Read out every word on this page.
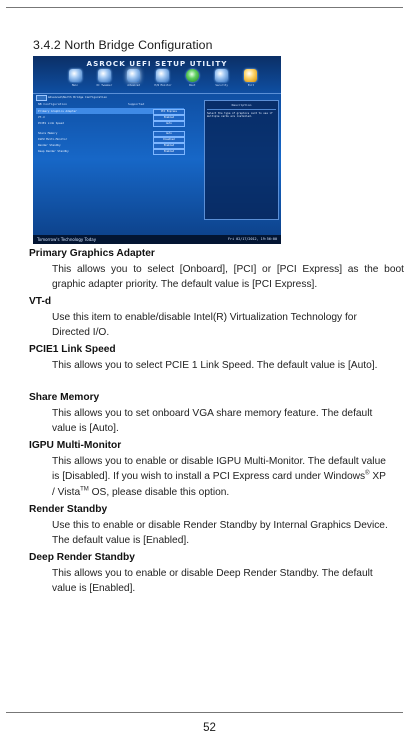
3.4.2 North Bridge Configuration
ASROCK UEFI SETUP UTILITY
Main	OC Tweaker	Advanced	H/W Monitor	Boot	Security	Exit
Advanced\North Bridge Configuration
NB Configuration	Supported
Primary Graphics Adapter	PCI Express
VT-d	Enabled
PCIE1 Link Speed	Auto
Share Memory	Auto
IGPU Multi-Monitor	Disabled
Render Standby	Enabled
Deep Render Standby	Enabled
Description
Select the type of graphics card to use if multiple cards are installed.
Tomorrow's Technology Today	Fri 02/17/2012, 19:56:00
Primary Graphics Adapter
This allows you to select [Onboard], [PCI] or [PCI Express] as the boot
graphic adapter priority. The default value is [PCI Express].
VT-d
Use this item to enable/disable Intel(R) Virtualization Technology for
Directed I/O.
PCIE1 Link Speed
This allows you to select PCIE 1 Link Speed. The default value is [Auto].
Share Memory
This allows you to set onboard VGA share memory feature. The default
value is [Auto].
IGPU Multi-Monitor
This allows you to enable or disable IGPU Multi-Monitor. The default value
is [Disabled]. If you wish to install a PCI Express card under Windows® XP
/ Vista™ OS, please disable this option.
Render Standby
Use this to enable or disable Render Standby by Internal Graphics Device.
The default value is [Enabled].
Deep Render Standby
This allows you to enable or disable Deep Render Standby. The default
value is [Enabled].
52
